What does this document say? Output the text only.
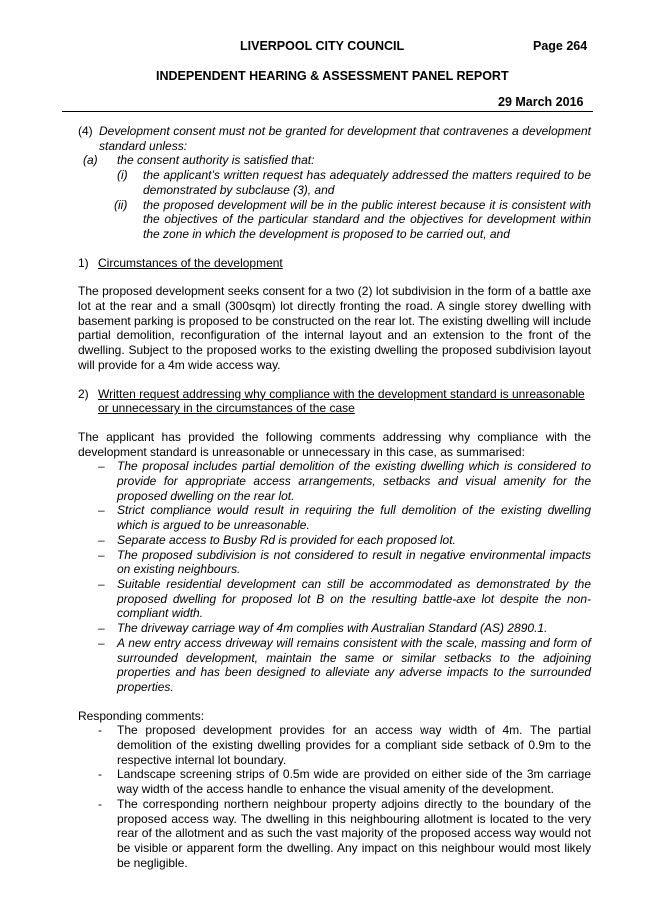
LIVERPOOL CITY COUNCIL	Page 264
INDEPENDENT HEARING & ASSESSMENT PANEL REPORT
29 March 2016
(4) Development consent must not be granted for development that contravenes a development standard unless:
(a)	the consent authority is satisfied that:
(i)	the applicant’s written request has adequately addressed the matters required to be demonstrated by subclause (3), and
(ii)	the proposed development will be in the public interest because it is consistent with the objectives of the particular standard and the objectives for development within the zone in which the development is proposed to be carried out, and
1) Circumstances of the development

The proposed development seeks consent for a two (2) lot subdivision in the form of a battle axe lot at the rear and a small (300sqm) lot directly fronting the road. A single storey dwelling with basement parking is proposed to be constructed on the rear lot. The existing dwelling will include partial demolition, reconfiguration of the internal layout and an extension to the front of the dwelling. Subject to the proposed works to the existing dwelling the proposed subdivision layout will provide for a 4m wide access way.

2) Written request addressing why compliance with the development standard is unreasonable or unnecessary in the circumstances of the case

The applicant has provided the following comments addressing why compliance with the development standard is unreasonable or unnecessary in this case, as summarised:

–	The proposal includes partial demolition of the existing dwelling which is considered to provide for appropriate access arrangements, setbacks and visual amenity for the proposed dwelling on the rear lot.
–	Strict compliance would result in requiring the full demolition of the existing dwelling which is argued to be unreasonable.
–	Separate access to Busby Rd is provided for each proposed lot.
–	The proposed subdivision is not considered to result in negative environmental impacts on existing neighbours.
–	Suitable residential development can still be accommodated as demonstrated by the proposed dwelling for proposed lot B on the resulting battle-axe lot despite the non-compliant width.
–	The driveway carriage way of 4m complies with Australian Standard (AS) 2890.1.
–	A new entry access driveway will remains consistent with the scale, massing and form of surrounded development, maintain the same or similar setbacks to the adjoining properties and has been designed to alleviate any adverse impacts to the surrounded properties.

Responding comments:

-	The proposed development provides for an access way width of 4m. The partial demolition of the existing dwelling provides for a compliant side setback of 0.9m to the respective internal lot boundary.
-	Landscape screening strips of 0.5m wide are provided on either side of the 3m carriage way width of the access handle to enhance the visual amenity of the development.
-	The corresponding northern neighbour property adjoins directly to the boundary of the proposed access way. The dwelling in this neighbouring allotment is located to the very rear of the allotment and as such the vast majority of the proposed access way would not be visible or apparent form the dwelling. Any impact on this neighbour would most likely be negligible.
